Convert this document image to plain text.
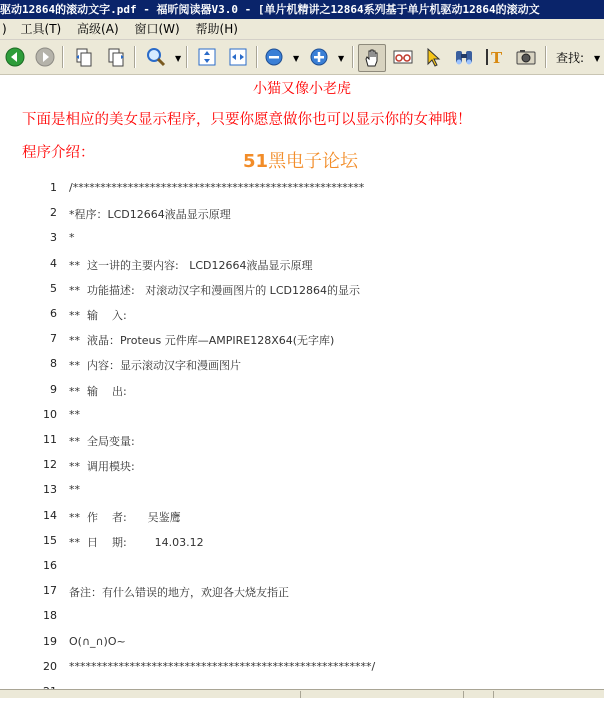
驱动12864的滚动文字.pdf - 福昕阅读器V3.0 - [单片机精讲之12864系列基于单片机驱动12864的滚动文
) 工具(T) 高级(A) 窗口(W) 帮助(H)
▼	▼	▼	T	查找: ▼
小猫又像小老虎
下面是相应的美女显示程序，只要你愿意做你也可以显示你的女神哦！
程序介绍：	51黑电子论坛
1 /*****************************************************
2 *程序：LCD12664液晶显示原理
3 *
4 **  这一讲的主要内容:   LCD12664液晶显示原理
5 **  功能描述:   对滚动汉字和漫画图片的 LCD12864的显示
6 **  输    入:
7 **  液晶：Proteus 元件库—AMPIRE128X64(无字库)
8 **  内容：显示滚动汉字和漫画图片
9 **  输    出:
10 **
11 **  全局变量:
12 **  调用模块:
13 **
14 **  作    者:      吴鉴鹰
15 **  日    期:        14.03.12
16
17 备注：有什么错误的地方，欢迎各大烧友指正
18
19 O(∩_∩)O~
20 *******************************************************/
